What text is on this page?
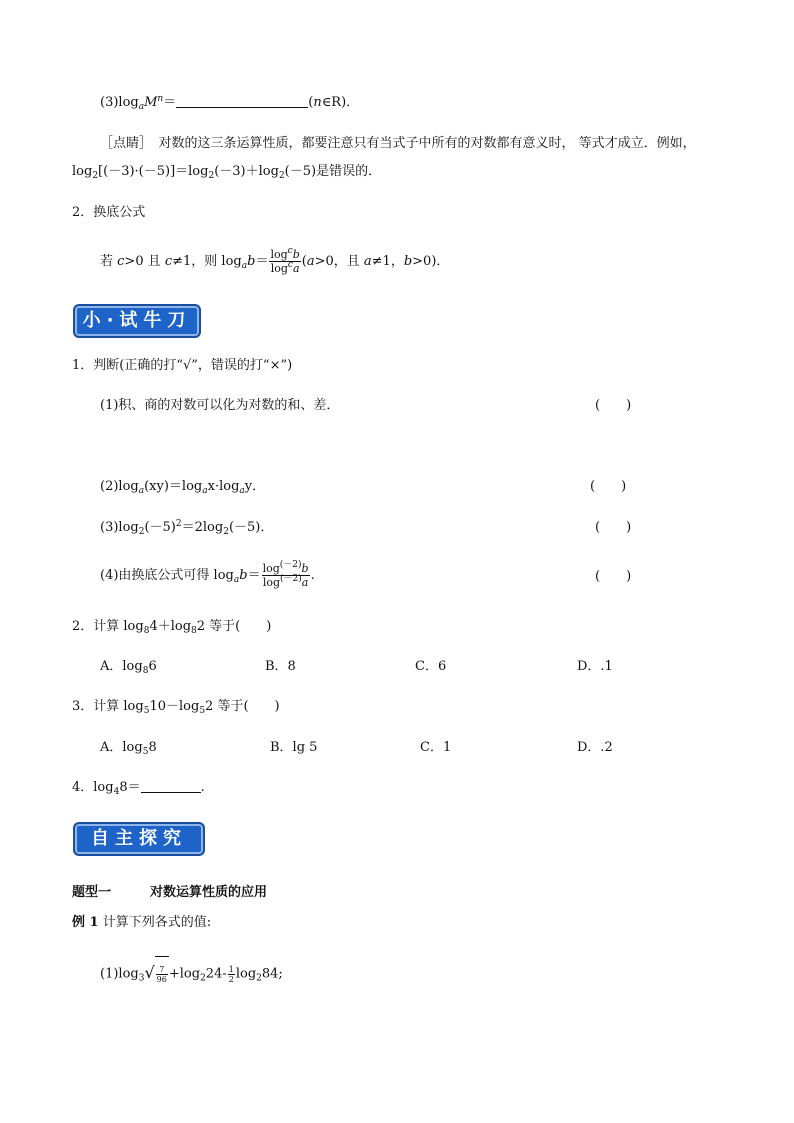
$(3)\log_aM^n=$	(n∈R)．
［点睛］　对数的这三条运算性质，都要注意只有当式子中所有的对数都有意义时， 等式才成立．例如，
$\log_2[(-3)\cdot(-5)]=\log_2(-3)+\log_2(-5)$是错误的．
2．换底公式
若 c>0 且 c≠1，则 $\log_ab= \frac{\log^cb}{\log^ca} (a>0$，且 a≠1，b>0)．
小·试牛刀
1．判断(正确的打“√”，错误的打“×”)
(1)积、商的对数可以化为对数的和、差．	(　　)
$(2)\log_a(xy)=\log_ax\cdot\log_ay$．	(　　)
$(3)\log_2(-5)^2=2\log_2(-5)$．	(　　)
(4)由换底公式可得 $\log_ab= \frac{\log^{(-2)}b}{\log^{(-2)}a}$ .	(　　)
2．计算 $\log_84+\log_82$ 等于(　　)
A．$\log_86$	B．8	C．6	D．.1
3．计算 $\log_510-\log_52$ 等于(　　)
A．$\log_58$	B．lg 5	C．1	D．.2
4．$\log_48=$	.
自主探究
题型一	对数运算性质的应用
例 1 计算下列各式的值:
$(1)\log_3√ \frac{7}{96} +\log_224- \frac{1}{2} \log_284$;
